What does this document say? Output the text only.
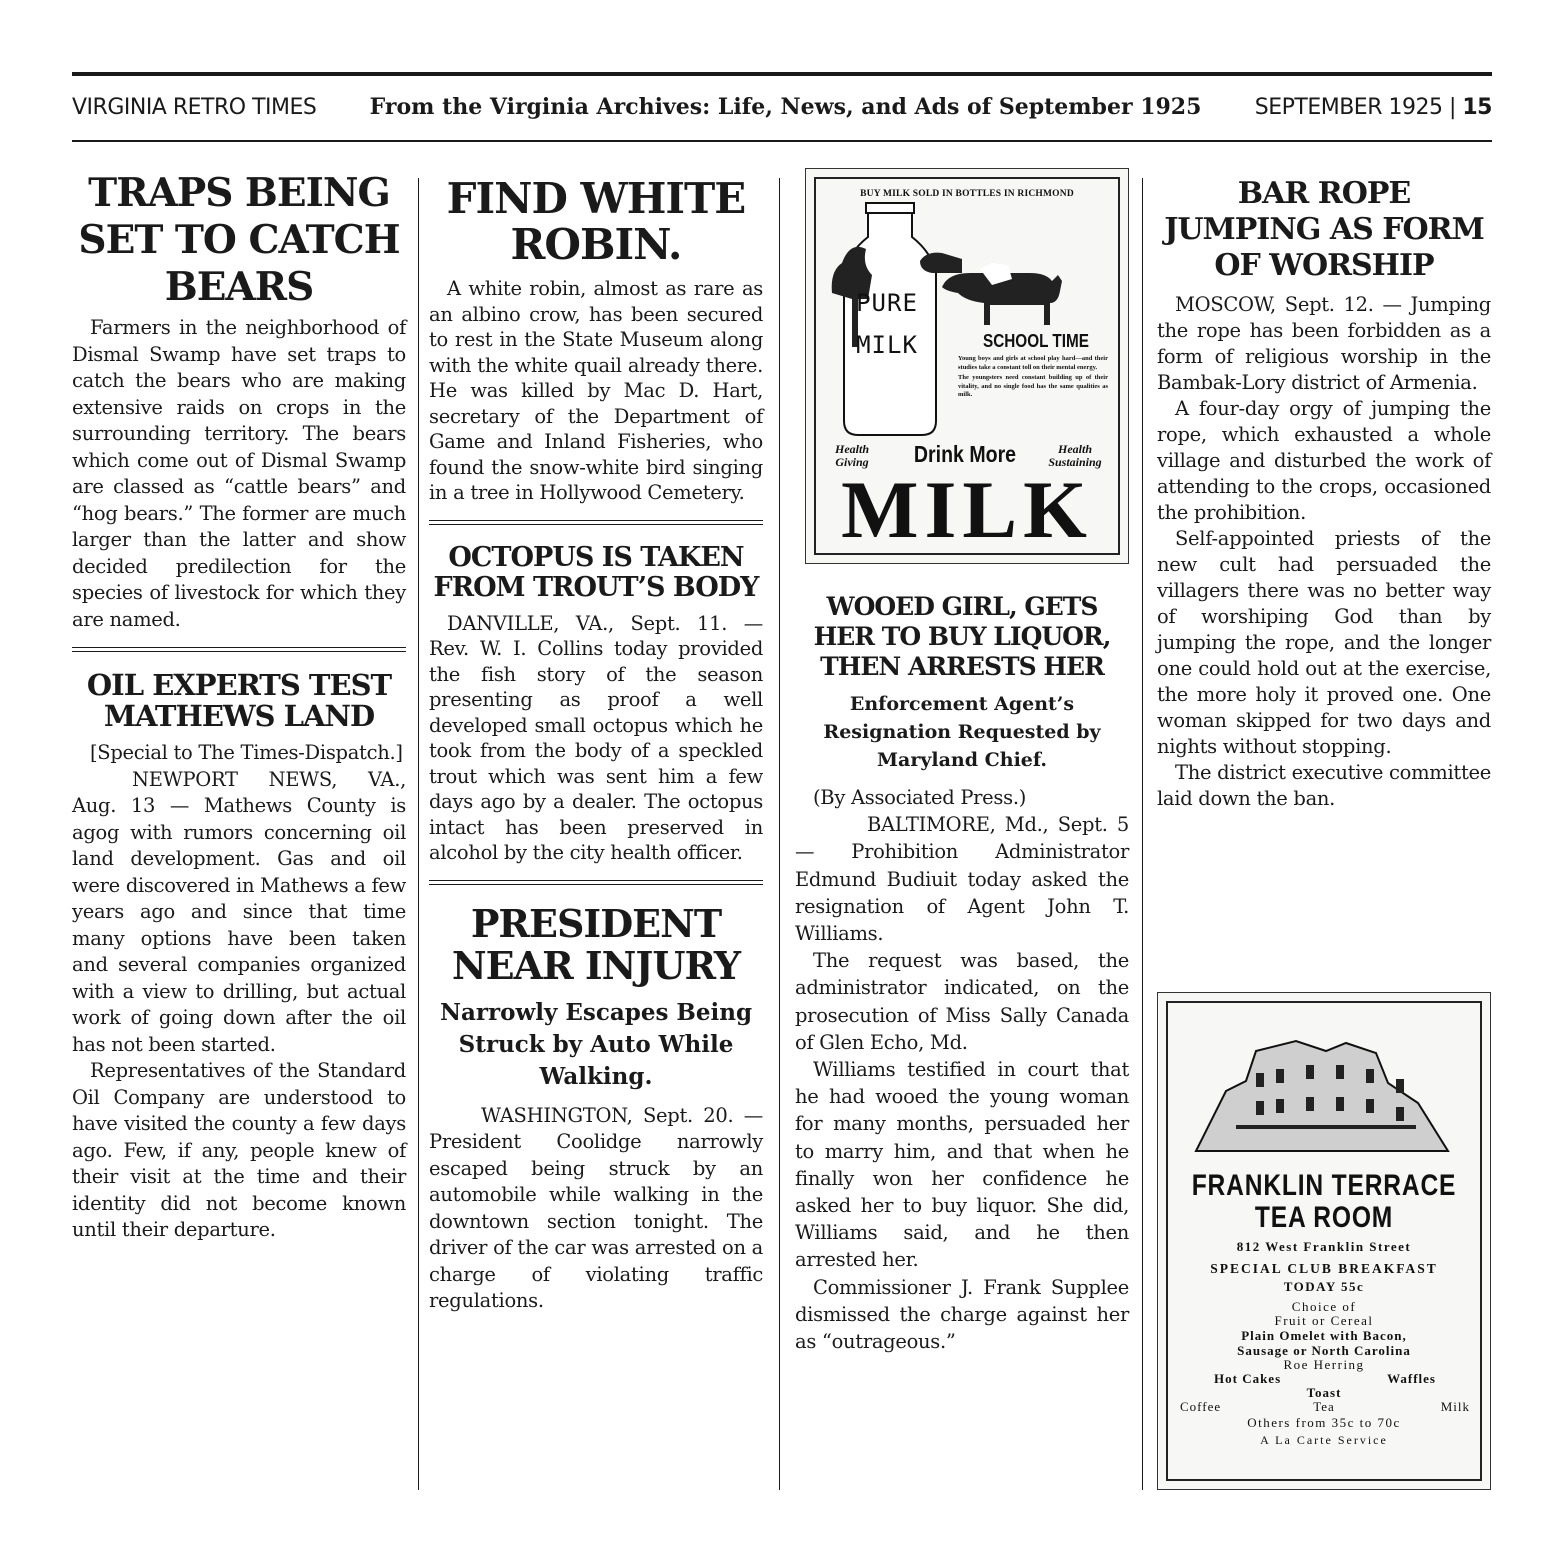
VIRGINIA RETRO TIMES From the Virginia Archives: Life, News, and Ads of September 1925 SEPTEMBER 1925 | 15
TRAPS BEING SET TO CATCH BEARS

Farmers in the neighborhood of Dismal Swamp have set traps to catch the bears who are making extensive raids on crops in the surrounding territory. The bears which come out of Dismal Swamp are classed as “cattle bears” and “hog bears.” The former are much larger than the latter and show decided predilection for the species of livestock for which they are named.

OIL EXPERTS TEST MATHEWS LAND

[Special to The Times-Dispatch.]

NEWPORT NEWS, VA., Aug. 13 — Mathews County is agog with rumors concerning oil land development. Gas and oil were discovered in Mathews a few years ago and since that time many options have been taken and several companies organized with a view to drilling, but actual work of going down after the oil has not been started.

Representatives of the Standard Oil Company are understood to have visited the county a few days ago. Few, if any, people knew of their visit at the time and their identity did not become known until their departure.

FIND WHITE ROBIN.

A white robin, almost as rare as an albino crow, has been secured to rest in the State Museum along with the white quail already there. He was killed by Mac D. Hart, secretary of the Department of Game and Inland Fisheries, who found the snow-white bird singing in a tree in Hollywood Cemetery.

OCTOPUS IS TAKEN FROM TROUT’S BODY

DANVILLE, VA., Sept. 11. — Rev. W. I. Collins today provided the fish story of the season presenting as proof a well developed small octopus which he took from the body of a speckled trout which was sent him a few days ago by a dealer. The octopus intact has been preserved in alcohol by the city health officer.

PRESIDENT NEAR INJURY
Narrowly Escapes Being Struck by Auto While Walking.

WASHINGTON, Sept. 20. — President Coolidge narrowly escaped being struck by an automobile while walking in the downtown section tonight. The driver of the car was arrested on a charge of violating traffic regulations.

BUY MILK SOLD IN BOTTLES IN RICHMOND
PURE
MILK	SCHOOL TIME
Young boys and girls at school play hard—and their studies take a constant toll on their mental energy.
The youngsters need constant building up of their vitality, and no single food has the same qualities as milk.
Health Giving	Drink More	Health Sustaining
MILK
WOOED GIRL, GETS HER TO BUY LIQUOR, THEN ARRESTS HER
Enforcement Agent’s Resignation Requested by Maryland Chief.

(By Associated Press.)

BALTIMORE, Md., Sept. 5 — Prohibition Administrator Edmund Budiuit today asked the resignation of Agent John T. Williams.

The request was based, the administrator indicated, on the prosecution of Miss Sally Canada of Glen Echo, Md.

Williams testified in court that he had wooed the young woman for many months, persuaded her to marry him, and that when he finally won her confidence he asked her to buy liquor. She did, Williams said, and he then arrested her.

Commissioner J. Frank Supplee dismissed the charge against her as “outrageous.”

BAR ROPE JUMPING AS FORM OF WORSHIP

MOSCOW, Sept. 12. — Jumping the rope has been forbidden as a form of religious worship in the Bambak-Lory district of Armenia.

A four-day orgy of jumping the rope, which exhausted a whole village and disturbed the work of attending to the crops, occasioned the prohibition.

Self-appointed priests of the new cult had persuaded the villagers there was no better way of worshiping God than by jumping the rope, and the longer one could hold out at the exercise, the more holy it proved one. One woman skipped for two days and nights without stopping.

The district executive committee laid down the ban.

FRANKLIN TERRACE
TEA ROOM
812 West Franklin Street
SPECIAL CLUB BREAKFAST
TODAY 55c
Choice of
Fruit or Cereal
Plain Omelet with Bacon,
Sausage or North Carolina
Roe Herring
Hot Cakes	Waffles
Toast
Coffee	Tea	Milk
Others from 35c to 70c
A La Carte Service
